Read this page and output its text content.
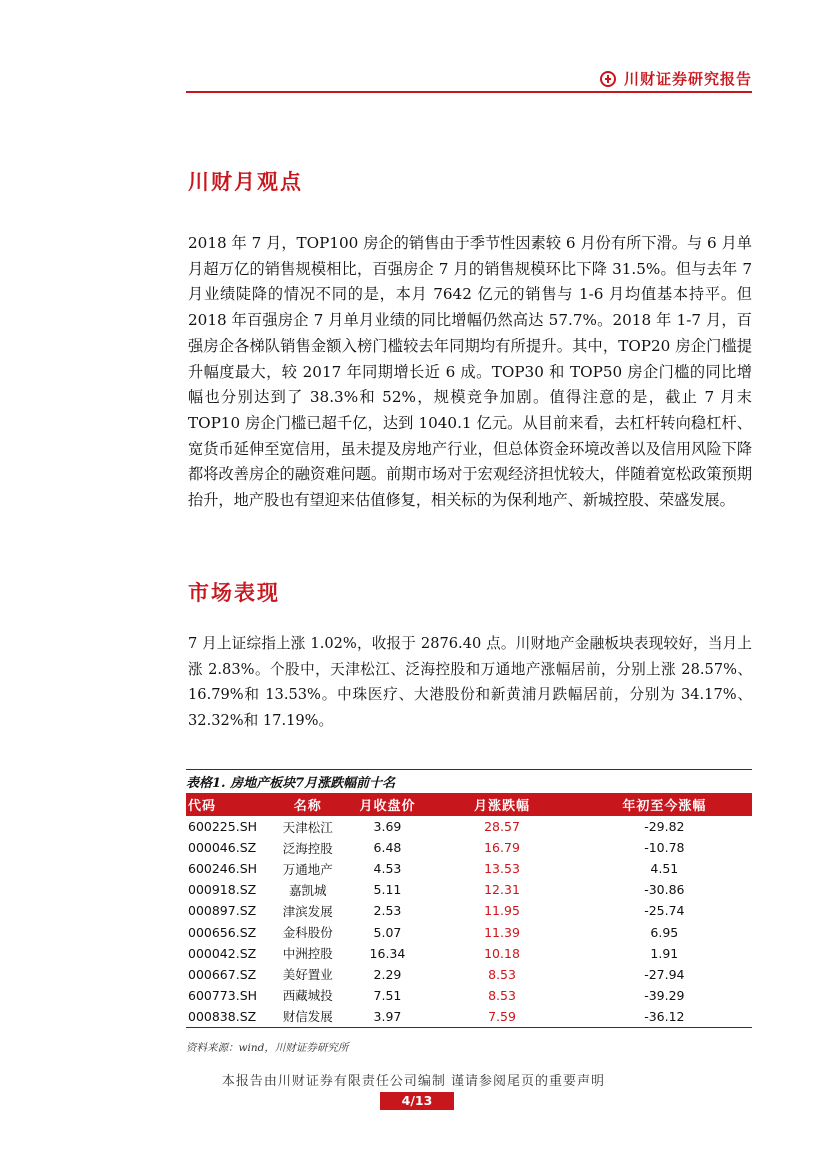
川财证券研究报告
川财月观点

2018 年 7 月，TOP100 房企的销售由于季节性因素较 6 月份有所下滑。与 6 月单月超万亿的销售规模相比，百强房企 7 月的销售规模环比下降 31.5%。但与去年 7 月业绩陡降的情况不同的是，本月 7642 亿元的销售与 1-6 月均值基本持平。但 2018 年百强房企 7 月单月业绩的同比增幅仍然高达 57.7%。2018 年 1-7 月，百强房企各梯队销售金额入榜门槛较去年同期均有所提升。其中，TOP20 房企门槛提升幅度最大，较 2017 年同期增长近 6 成。TOP30 和 TOP50 房企门槛的同比增幅也分别达到了 38.3%和 52%，规模竞争加剧。值得注意的是，截止 7 月末 TOP10 房企门槛已超千亿，达到 1040.1 亿元。从目前来看，去杠杆转向稳杠杆、宽货币延伸至宽信用，虽未提及房地产行业，但总体资金环境改善以及信用风险下降都将改善房企的融资难问题。前期市场对于宏观经济担忧较大，伴随着宽松政策预期抬升，地产股也有望迎来估值修复，相关标的为保利地产、新城控股、荣盛发展。

市场表现

7 月上证综指上涨 1.02%，收报于 2876.40 点。川财地产金融板块表现较好，当月上涨 2.83%。个股中，天津松江、泛海控股和万通地产涨幅居前，分别上涨 28.57%、16.79%和 13.53%。中珠医疗、大港股份和新黄浦月跌幅居前，分别为 34.17%、32.32%和 17.19%。

表格1. 房地产板块7月涨跌幅前十名
代码	名称	月收盘价	月涨跌幅	年初至今涨幅
600225.SH	天津松江	3.69	28.57	-29.82
000046.SZ	泛海控股	6.48	16.79	-10.78
600246.SH	万通地产	4.53	13.53	4.51
000918.SZ	嘉凯城	5.11	12.31	-30.86
000897.SZ	津滨发展	2.53	11.95	-25.74
000656.SZ	金科股份	5.07	11.39	6.95
000042.SZ	中洲控股	16.34	10.18	1.91
000667.SZ	美好置业	2.29	8.53	-27.94
600773.SH	西藏城投	7.51	8.53	-39.29
000838.SZ	财信发展	3.97	7.59	-36.12
资料来源：wind，川财证券研究所
本报告由川财证券有限责任公司编制 谨请参阅尾页的重要声明
4/13
